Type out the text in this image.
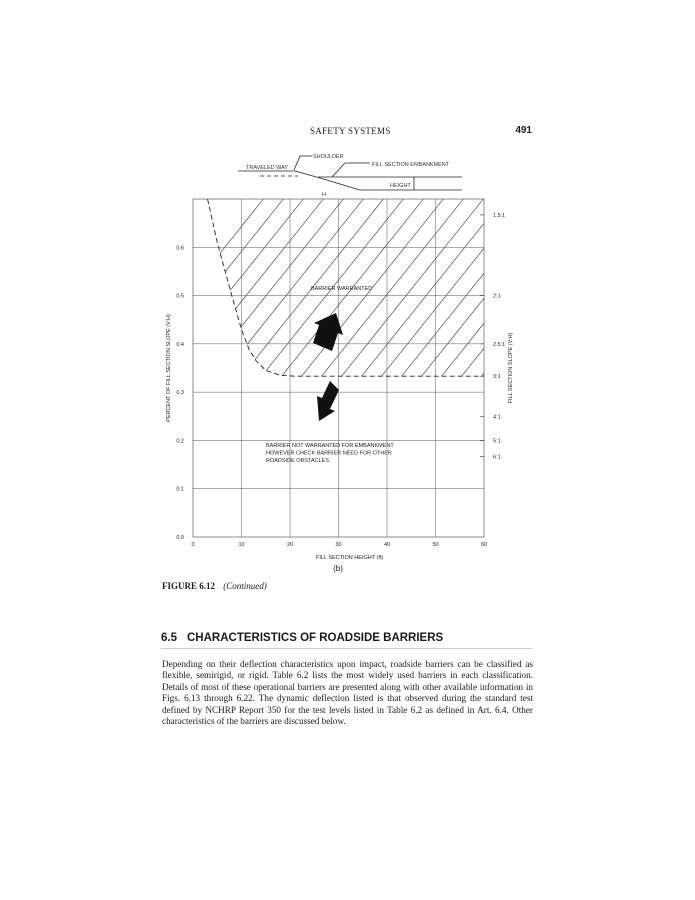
SAFETY SYSTEMS	491
TRAVELED WAY
SHOULDER
FILL SECTION EMBANKMENT
HEIGHT
H
0.0
0.1
0.2
0.3
0.4
0.5
0.6
0	10	20	30	40	50	60
1.5:1
2:1
2.5:1
3:1
4:1
5:1
6:1
BARRIER WARRANTED
BARRIER NOT WARRANTED FOR EMBANKMENT HOWEVER CHECK BARRIER NEED FOR OTHER ROADSIDE OBSTACLES.
FILL SECTION HEIGHT (ft)
(b)
PERCENT OF FILL SECTION SLOPE (V:H)	FILL SECTION SLOPE (V:H)
FIGURE 6.12 (Continued)
6.5 CHARACTERISTICS OF ROADSIDE BARRIERS

Depending on their deflection characteristics upon impact, roadside barriers can be classified as flexible, semirigid, or rigid. Table 6.2 lists the most widely used barriers in each classification. Details of most of these operational barriers are presented along with other available information in Figs. 6.13 through 6.22. The dynamic deflection listed is that observed during the standard test defined by NCHRP Report 350 for the test levels listed in Table 6.2 as defined in Art. 6.4. Other characteristics of the barriers are discussed below.
